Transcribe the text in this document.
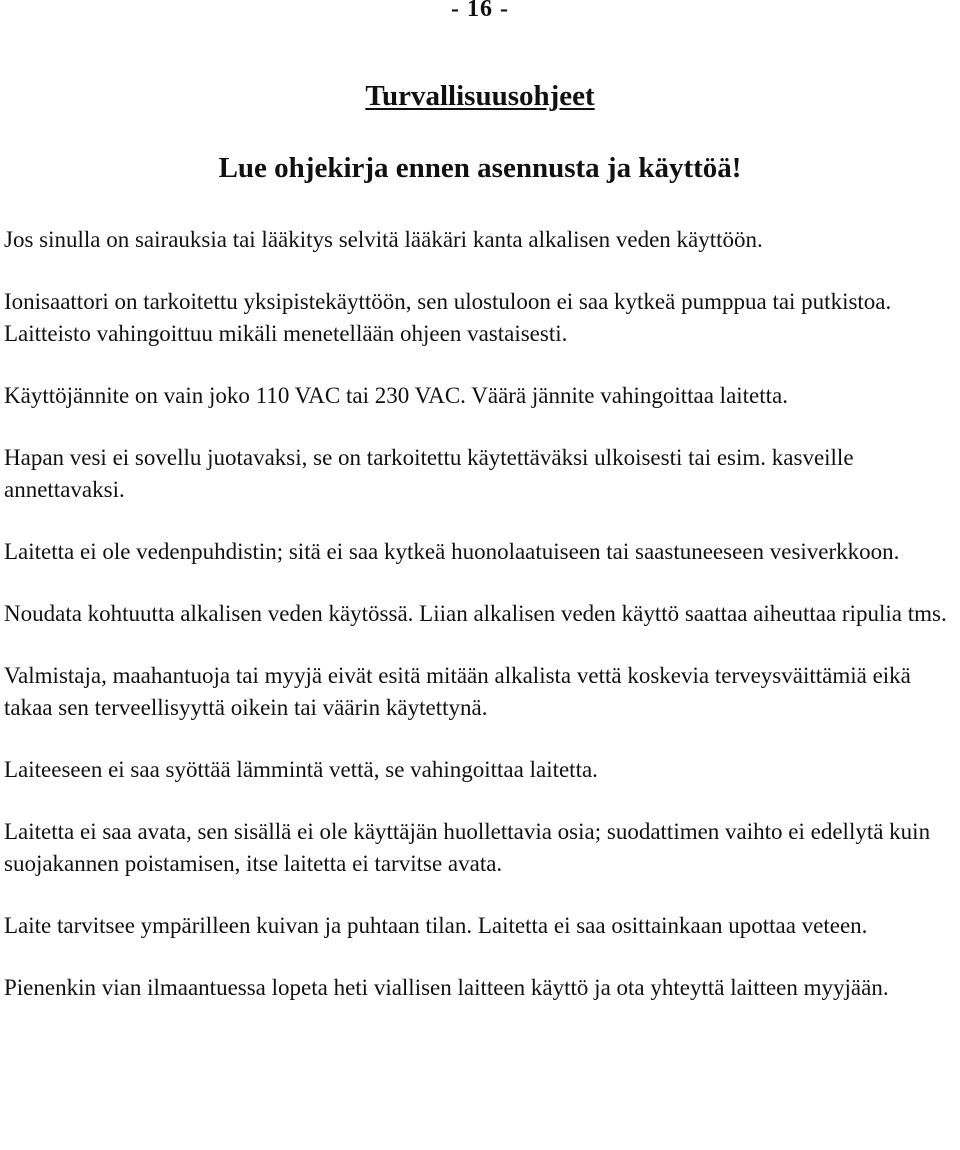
- 16 -
Turvallisuusohjeet
Lue ohjekirja ennen asennusta ja käyttöä!

Jos sinulla on sairauksia tai lääkitys selvitä lääkäri kanta alkalisen veden käyttöön.

Ionisaattori on tarkoitettu yksipistekäyttöön, sen ulostuloon ei saa kytkeä pumppua tai putkistoa. Laitteisto vahingoittuu mikäli menetellään ohjeen vastaisesti.

Käyttöjännite on vain joko 110 VAC tai 230 VAC. Väärä jännite vahingoittaa laitetta.

Hapan vesi ei sovellu juotavaksi, se on tarkoitettu käytettäväksi ulkoisesti tai esim. kasveille annettavaksi.

Laitetta ei ole vedenpuhdistin; sitä ei saa kytkeä huonolaatuiseen tai saastuneeseen vesiverkkoon.

Noudata kohtuutta alkalisen veden käytössä. Liian alkalisen veden käyttö saattaa aiheuttaa ripulia tms.

Valmistaja, maahantuoja tai myyjä eivät esitä mitään alkalista vettä koskevia terveysväittämiä eikä takaa sen terveellisyyttä oikein tai väärin käytettynä.

Laiteeseen ei saa syöttää lämmintä vettä, se vahingoittaa laitetta.

Laitetta ei saa avata, sen sisällä ei ole käyttäjän huollettavia osia; suodattimen vaihto ei edellytä kuin suojakannen poistamisen, itse laitetta ei tarvitse avata.

Laite tarvitsee ympärilleen kuivan ja puhtaan tilan. Laitetta ei saa osittainkaan upottaa veteen.

Pienenkin vian ilmaantuessa lopeta heti viallisen laitteen käyttö ja ota yhteyttä laitteen myyjään.
